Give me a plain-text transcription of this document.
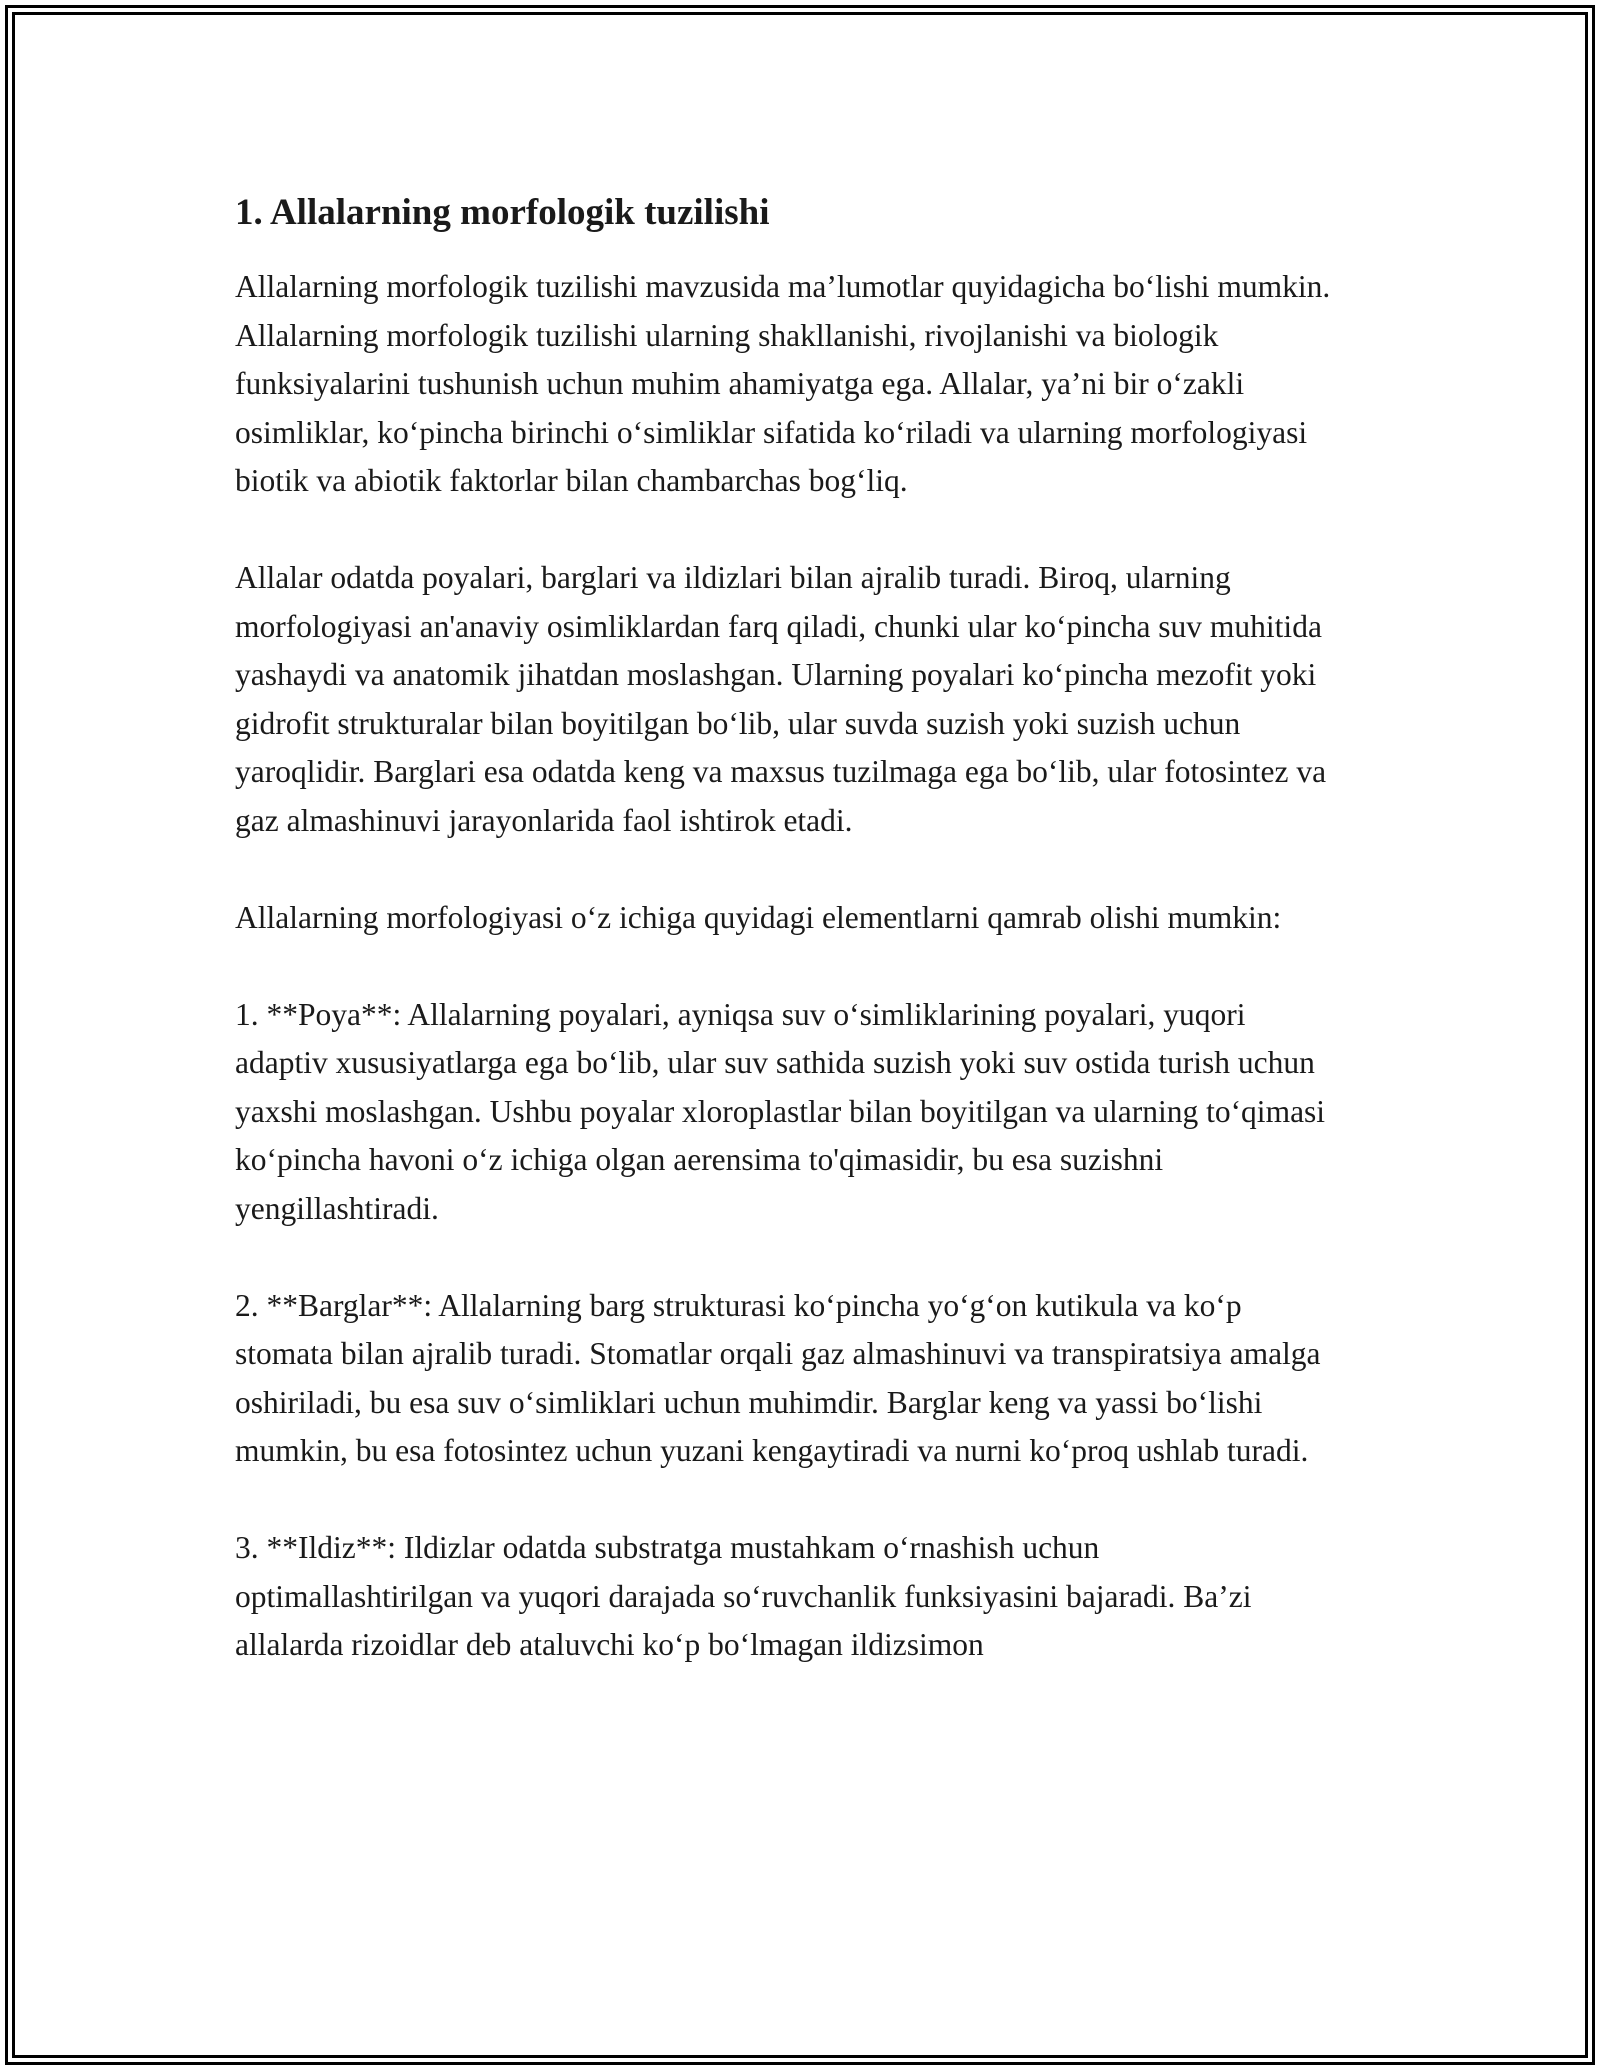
1. Allalarning morfologik tuzilishi

Allalarning morfologik tuzilishi mavzusida ma’lumotlar quyidagicha bo‘lishi mumkin. Allalarning morfologik tuzilishi ularning shakllanishi, rivojlanishi va biologik funksiyalarini tushunish uchun muhim ahamiyatga ega. Allalar, ya’ni bir o‘zakli osimliklar, ko‘pincha birinchi o‘simliklar sifatida ko‘riladi va ularning morfologiyasi biotik va abiotik faktorlar bilan chambarchas bog‘liq.

Allalar odatda poyalari, barglari va ildizlari bilan ajralib turadi. Biroq, ularning morfologiyasi an'anaviy osimliklardan farq qiladi, chunki ular ko‘pincha suv muhitida yashaydi va anatomik jihatdan moslashgan. Ularning poyalari ko‘pincha mezofit yoki gidrofit strukturalar bilan boyitilgan bo‘lib, ular suvda suzish yoki suzish uchun yaroqlidir. Barglari esa odatda keng va maxsus tuzilmaga ega bo‘lib, ular fotosintez va gaz almashinuvi jarayonlarida faol ishtirok etadi.

Allalarning morfologiyasi o‘z ichiga quyidagi elementlarni qamrab olishi mumkin:

1. **Poya**: Allalarning poyalari, ayniqsa suv o‘simliklarining poyalari, yuqori adaptiv xususiyatlarga ega bo‘lib, ular suv sathida suzish yoki suv ostida turish uchun yaxshi moslashgan. Ushbu poyalar xloroplastlar bilan boyitilgan va ularning to‘qimasi ko‘pincha havoni o‘z ichiga olgan aerensima to'qimasidir, bu esa suzishni yengillashtiradi.

2. **Barglar**: Allalarning barg strukturasi ko‘pincha yo‘g‘on kutikula va ko‘p stomata bilan ajralib turadi. Stomatlar orqali gaz almashinuvi va transpiratsiya amalga oshiriladi, bu esa suv o‘simliklari uchun muhimdir. Barglar keng va yassi bo‘lishi mumkin, bu esa fotosintez uchun yuzani kengaytiradi va nurni ko‘proq ushlab turadi.

3. **Ildiz**: Ildizlar odatda substratga mustahkam o‘rnashish uchun optimallashtirilgan va yuqori darajada so‘ruvchanlik funksiyasini bajaradi. Ba’zi allalarda rizoidlar deb ataluvchi ko‘p bo‘lmagan ildizsimon
